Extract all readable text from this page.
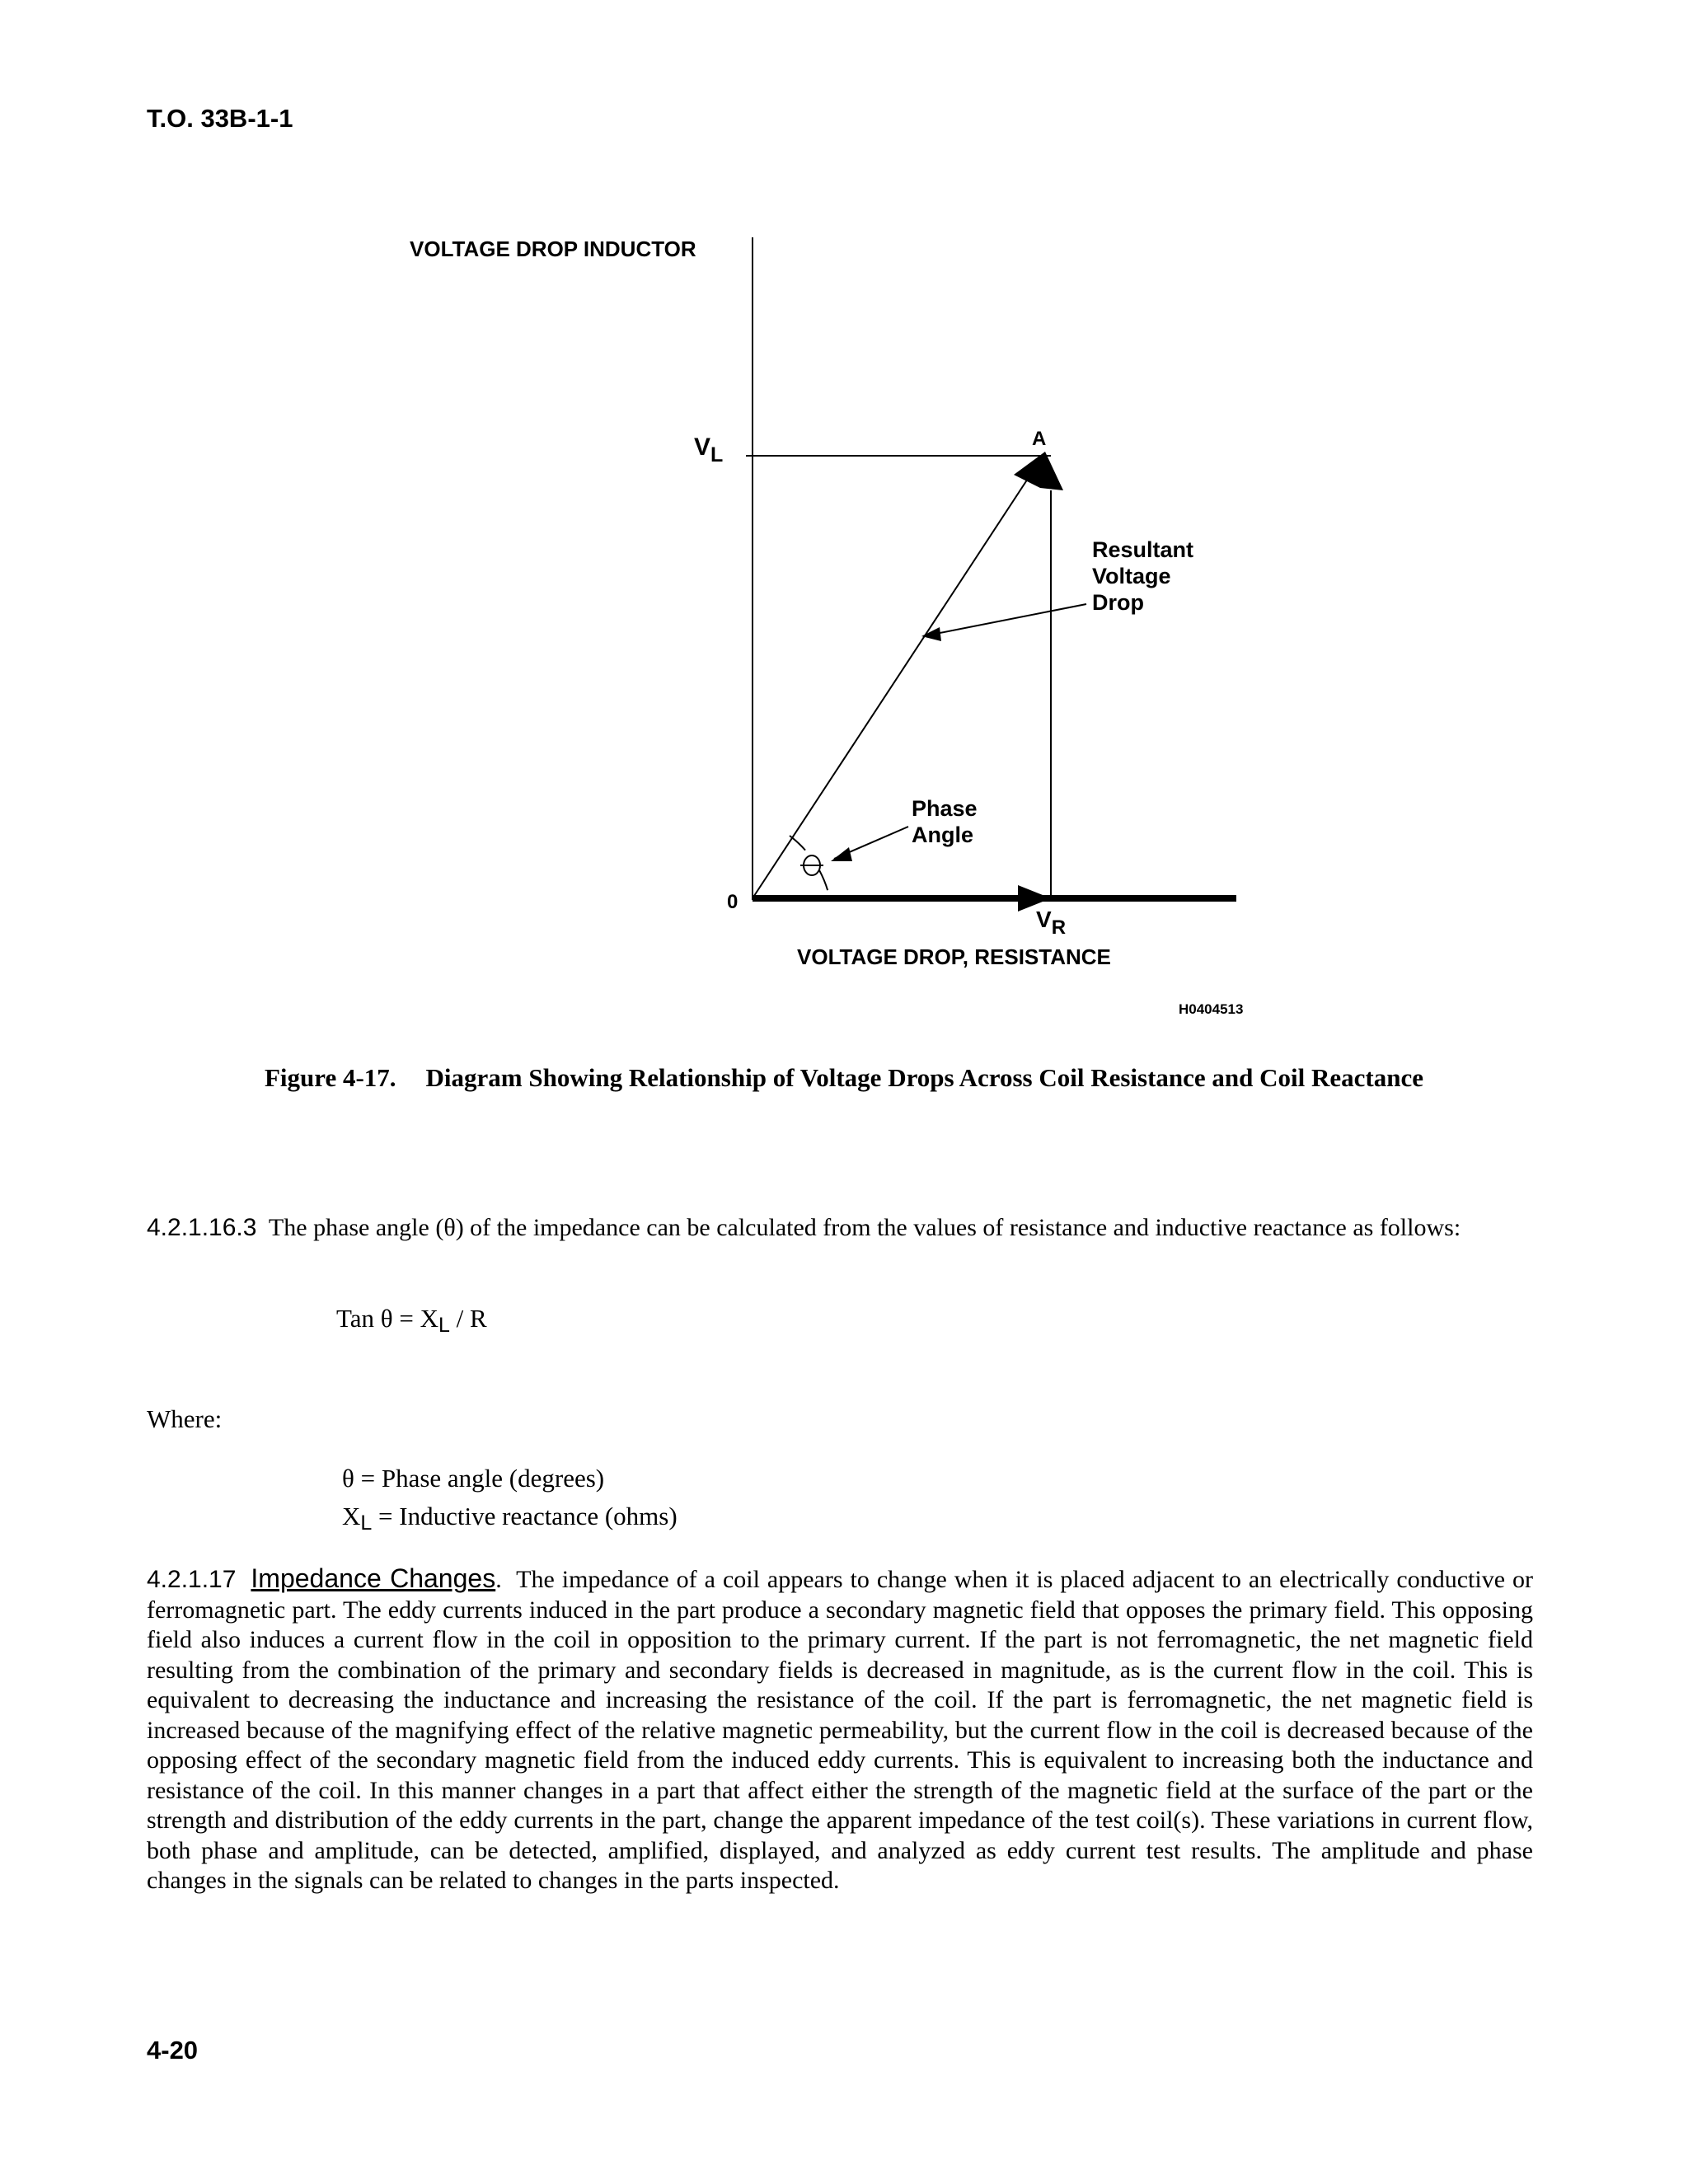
T.O. 33B-1-1
VOLTAGE DROP INDUCTOR
$V_L$
A
Resultant
Voltage
Drop
Phase
Angle
0
VR
VOLTAGE DROP, RESISTANCE
H0404513
Figure 4-17. Diagram Showing Relationship of Voltage Drops Across Coil Resistance and Coil Reactance
4.2.1.16.3 The phase angle (θ) of the impedance can be calculated from the values of resistance and inductive reactance as follows:
Tan $\theta = X_L / R$
Where:
θ = Phase angle (degrees)
$X_L$ = Inductive reactance (ohms)
4.2.1.17 Impedance Changes. The impedance of a coil appears to change when it is placed adjacent to an electrically conductive or ferromagnetic part. The eddy currents induced in the part produce a secondary magnetic field that opposes the primary field. This opposing field also induces a current flow in the coil in opposition to the primary current. If the part is not ferromagnetic, the net magnetic field resulting from the combination of the primary and secondary fields is decreased in magnitude, as is the current flow in the coil. This is equivalent to decreasing the inductance and increasing the resistance of the coil. If the part is ferromagnetic, the net magnetic field is increased because of the magnifying effect of the relative magnetic permeability, but the current flow in the coil is decreased because of the opposing effect of the secondary magnetic field from the induced eddy currents. This is equivalent to increasing both the inductance and resistance of the coil. In this manner changes in a part that affect either the strength of the magnetic field at the surface of the part or the strength and distribution of the eddy currents in the part, change the apparent impedance of the test coil(s). These variations in current flow, both phase and amplitude, can be detected, amplified, displayed, and analyzed as eddy current test results. The amplitude and phase changes in the signals can be related to changes in the parts inspected.
4-20
